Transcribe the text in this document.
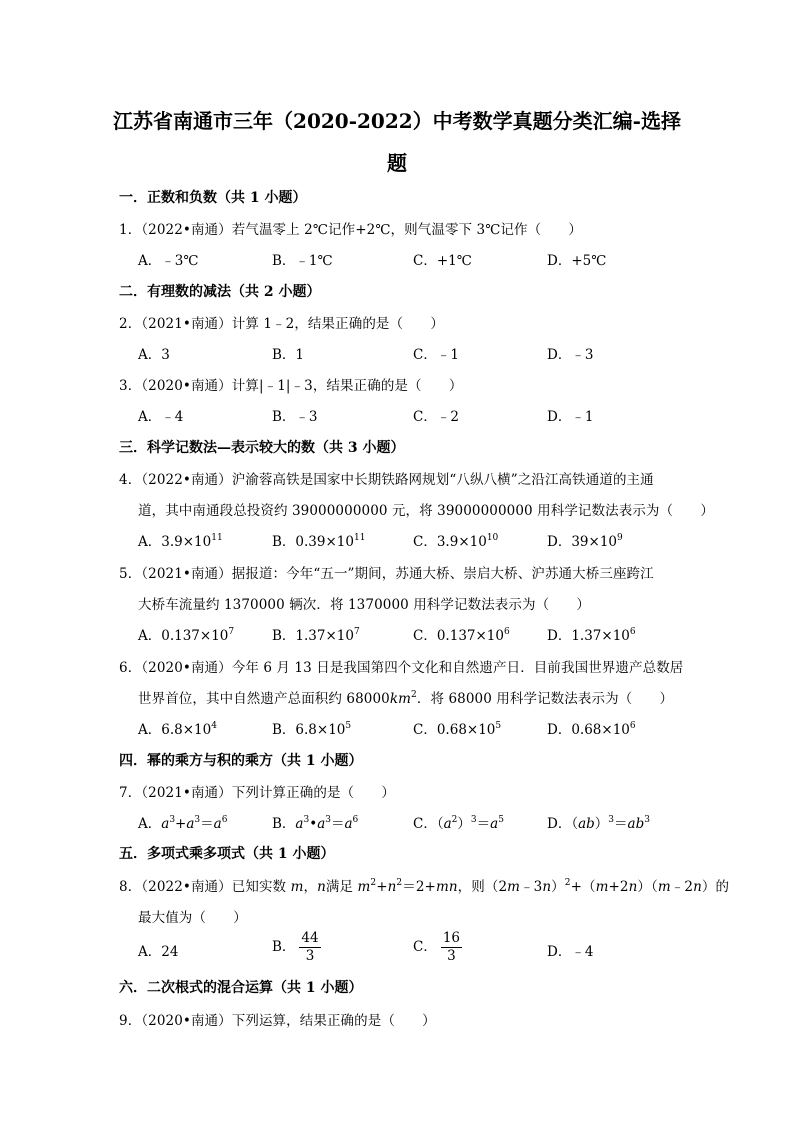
江苏省南通市三年（2020-2022）中考数学真题分类汇编-选择
题
一．正数和负数（共 1 小题）
1．（2022•南通）若气温零上 2℃记作+2℃，则气温零下 3℃记作（　　）
A．﹣3℃	B．﹣1℃	C．+1℃	D．+5℃
二．有理数的减法（共 2 小题）
2．（2021•南通）计算 1﹣2，结果正确的是（　　）
A．3	B．1	C．﹣1	D．﹣3
3．（2020•南通）计算|﹣1|﹣3，结果正确的是（　　）
A．﹣4	B．﹣3	C．﹣2	D．﹣1
三．科学记数法—表示较大的数（共 3 小题）
4．（2022•南通）沪渝蓉高铁是国家中长期铁路网规划“八纵八横”之沿江高铁通道的主通
道，其中南通段总投资约 39000000000 元，将 39000000000 用科学记数法表示为（　　）
A．$3.9\times 10^{11}$	B．$0.39\times 10^{11}$	C．$3.9\times 10^{10}$	D．$39\times 10^9$
5．（2021•南通）据报道：今年“五一”期间，苏通大桥、崇启大桥、沪苏通大桥三座跨江
大桥车流量约 1370000 辆次．将 1370000 用科学记数法表示为（　　）
A．$0.137\times 10^7$	B．$1.37\times 10^7$	C．$0.137\times 10^6$	D．$1.37\times 10^6$
6．（2020•南通）今年 6 月 13 日是我国第四个文化和自然遗产日．目前我国世界遗产总数居
世界首位，其中自然遗产总面积约 $68000km^2$．将 68000 用科学记数法表示为（　　）
A．$6.8\times 10^4$	B．$6.8\times 10^5$	C．$0.68\times 10^5$	D．$0.68\times 10^6$
四．幂的乘方与积的乘方（共 1 小题）
7．（2021•南通）下列计算正确的是（　　）
A．$a^3+a^3=a^6$	B．$a^3•a^3=a^6$	C．$(a^2)^3=a^5$	D．$(ab)^3=ab^3$
五．多项式乘多项式（共 1 小题）
8．（2022•南通）已知实数 m，n满足 $m^2+n^2=2+mn$，则（2m﹣3n）$^2$+（m+2n）（m﹣2n）的
最大值为（　　）
A．24	B． $\frac{44}{3}$	C． $\frac{16}{3}$	D．﹣4
六．二次根式的混合运算（共 1 小题）
9．（2020•南通）下列运算，结果正确的是（　　）
